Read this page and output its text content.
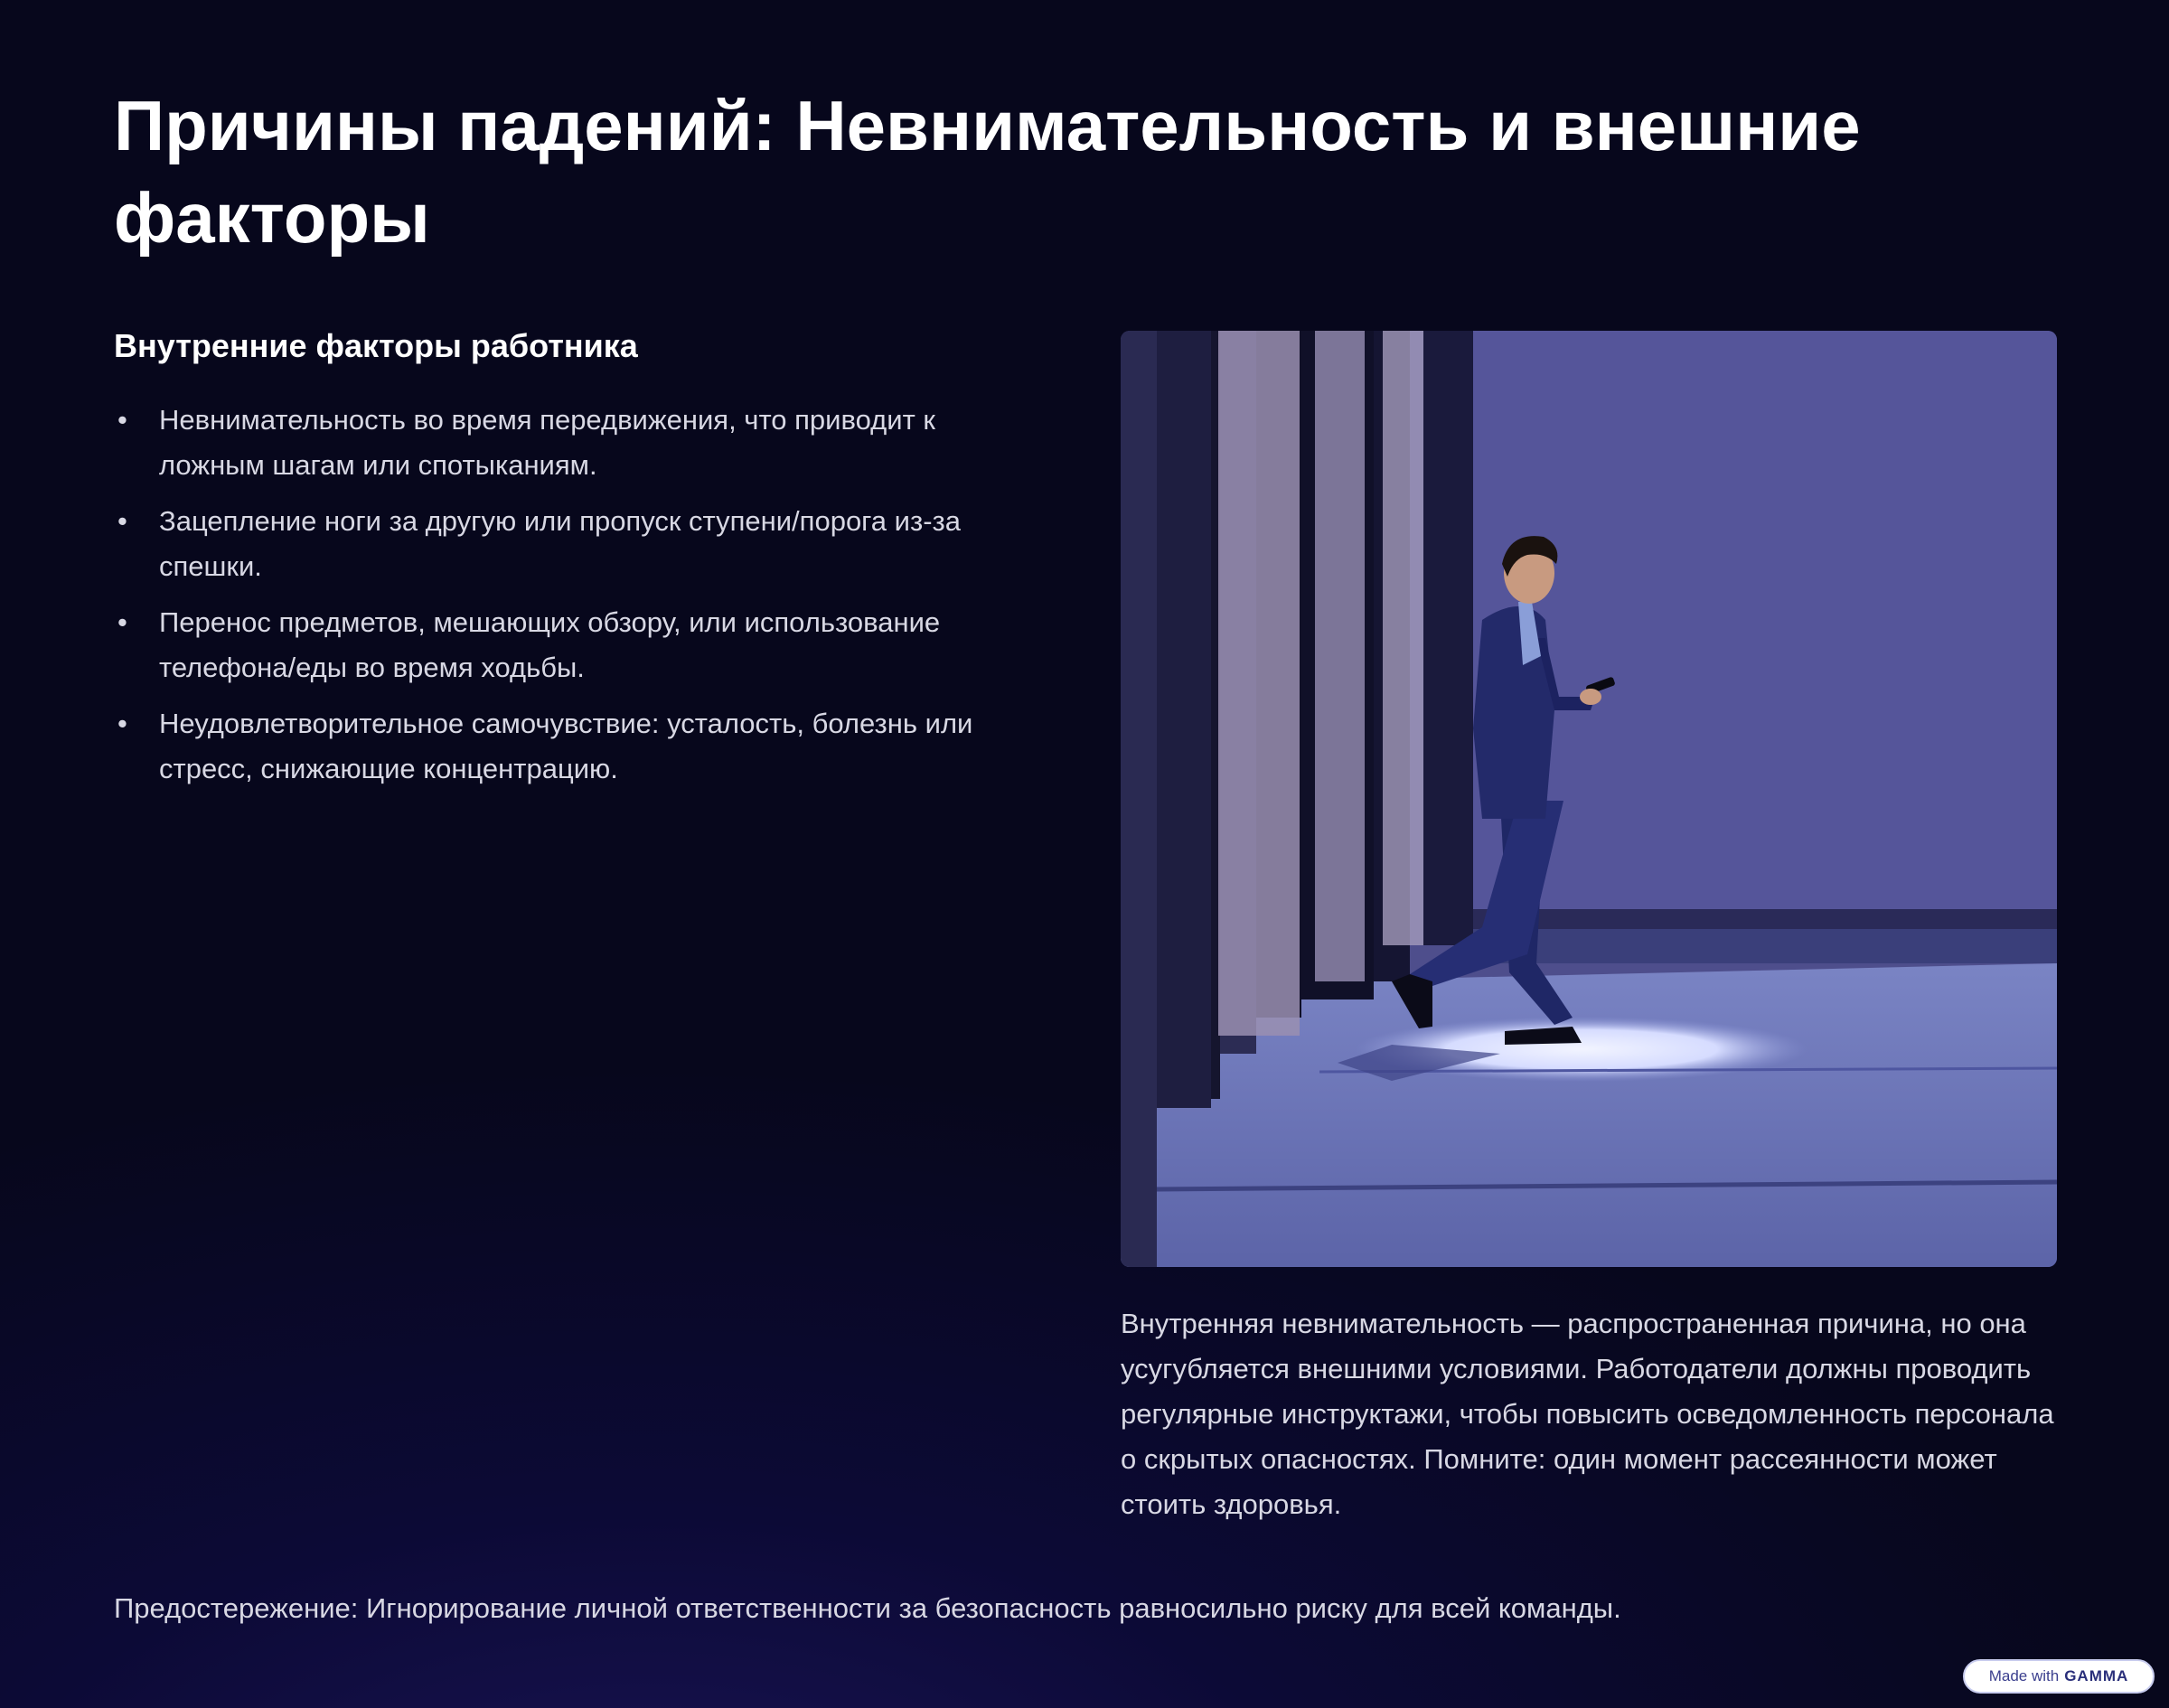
Причины падений: Невнимательность и внешние факторы
Внутренние факторы работника
• Невнимательность во время передвижения, что приводит к ложным шагам или спотыканиям.
• Зацепление ноги за другую или пропуск ступени/порога из-за спешки.
• Перенос предметов, мешающих обзору, или использование телефона/еды во время ходьбы.
• Неудовлетворительное самочувствие: усталость, болезнь или стресс, снижающие концентрацию.

Внутренняя невнимательность — распространенная причина, но она усугубляется внешними условиями. Работодатели должны проводить регулярные инструктажи, чтобы повысить осведомленность персонала о скрытых опасностях. Помните: один момент рассеянности может стоить здоровья.

Предостережение: Игнорирование личной ответственности за безопасность равносильно риску для всей команды.

Made with GAMMA
